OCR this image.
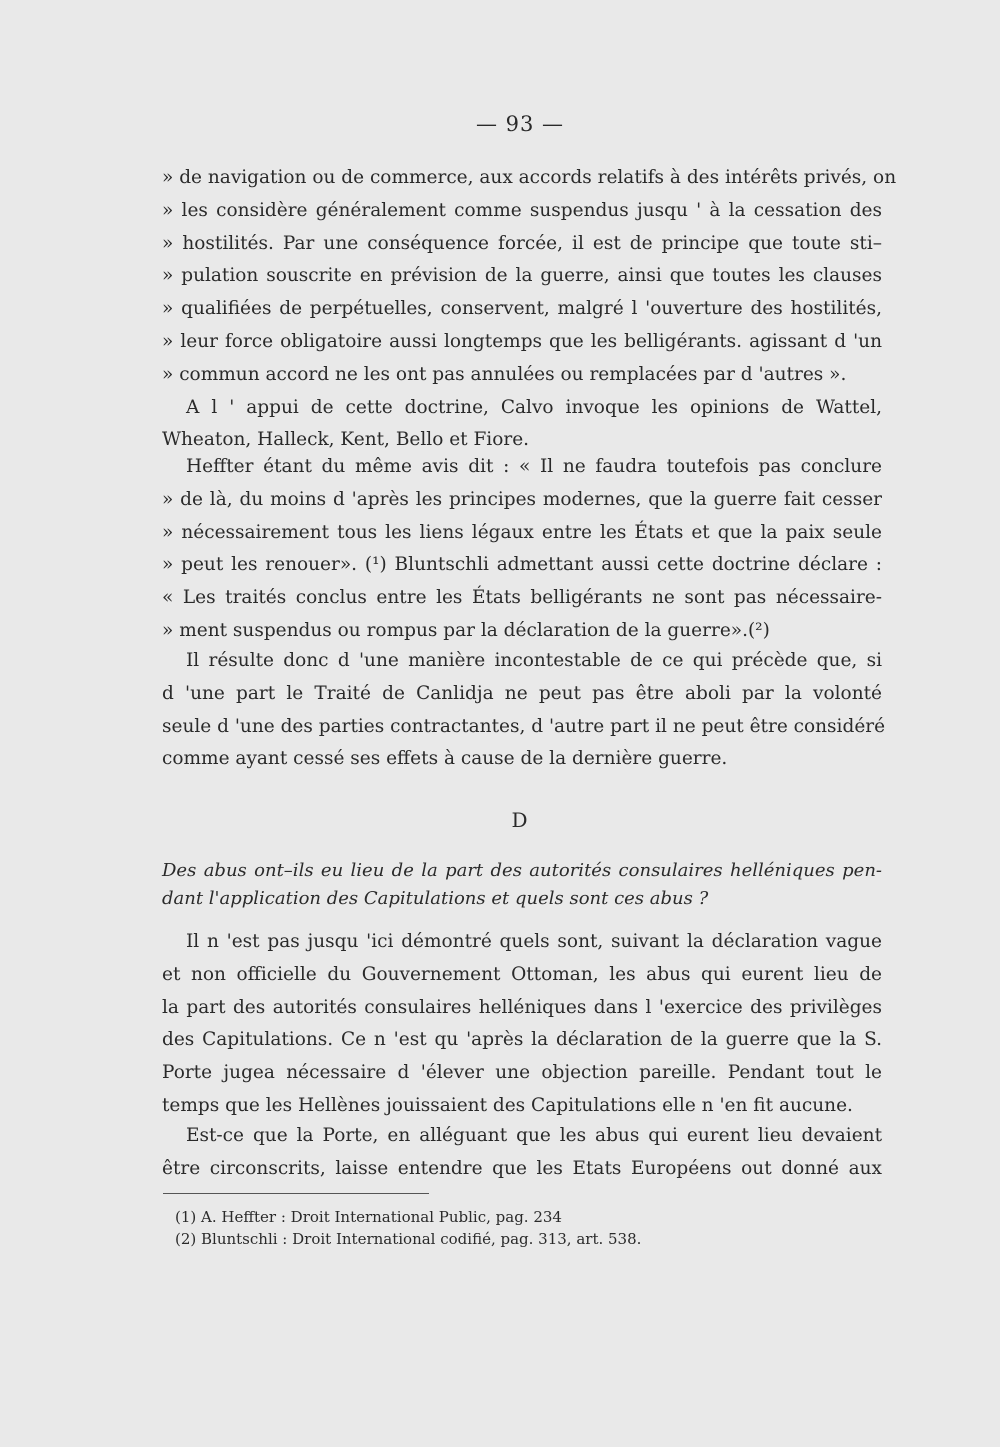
— 93 —
» de navigation ou de commerce, aux accords relatifs à des intérêts privés, on
» les considère généralement comme suspendus jusqu ' à la cessation des
» hostilités. Par une conséquence forcée, il est de principe que toute sti–
» pulation souscrite en prévision de la guerre, ainsi que toutes les clauses
» qualifiées de perpétuelles, conservent, malgré l 'ouverture des hostilités,
» leur force obligatoire aussi longtemps que les belligérants. agissant d 'un
» commun accord ne les ont pas annulées ou remplacées par d 'autres ».
A l ' appui de cette doctrine, Calvo invoque les opinions de Wattel,
Wheaton, Halleck, Kent, Bello et Fiore.
Heffter étant du même avis dit : « Il ne faudra toutefois pas conclure
» de là, du moins d 'après les principes modernes, que la guerre fait cesser
» nécessairement tous les liens légaux entre les États et que la paix seule
» peut les renouer». (¹) Bluntschli admettant aussi cette doctrine déclare :
« Les traités conclus entre les États belligérants ne sont pas nécessaire-
» ment suspendus ou rompus par la déclaration de la guerre».(²)
Il résulte donc d 'une manière incontestable de ce qui précède que, si
d 'une part le Traité de Canlidja ne peut pas être aboli par la volonté
seule d 'une des parties contractantes, d 'autre part il ne peut être considéré
comme ayant cessé ses effets à cause de la dernière guerre.
D
Des abus ont–ils eu lieu de la part des autorités consulaires helléniques pen-
dant l'application des Capitulations et quels sont ces abus ?
Il n 'est pas jusqu 'ici démontré quels sont, suivant la déclaration vague
et non officielle du Gouvernement Ottoman, les abus qui eurent lieu de
la part des autorités consulaires helléniques dans l 'exercice des privilèges
des Capitulations. Ce n 'est qu 'après la déclaration de la guerre que la S.
Porte jugea nécessaire d 'élever une objection pareille. Pendant tout le
temps que les Hellènes jouissaient des Capitulations elle n 'en fit aucune.
Est-ce que la Porte, en alléguant que les abus qui eurent lieu devaient
être circonscrits, laisse entendre que les Etats Européens out donné aux
(1) A. Heffter : Droit International Public, pag. 234
(2) Bluntschli : Droit International codifié, pag. 313, art. 538.
